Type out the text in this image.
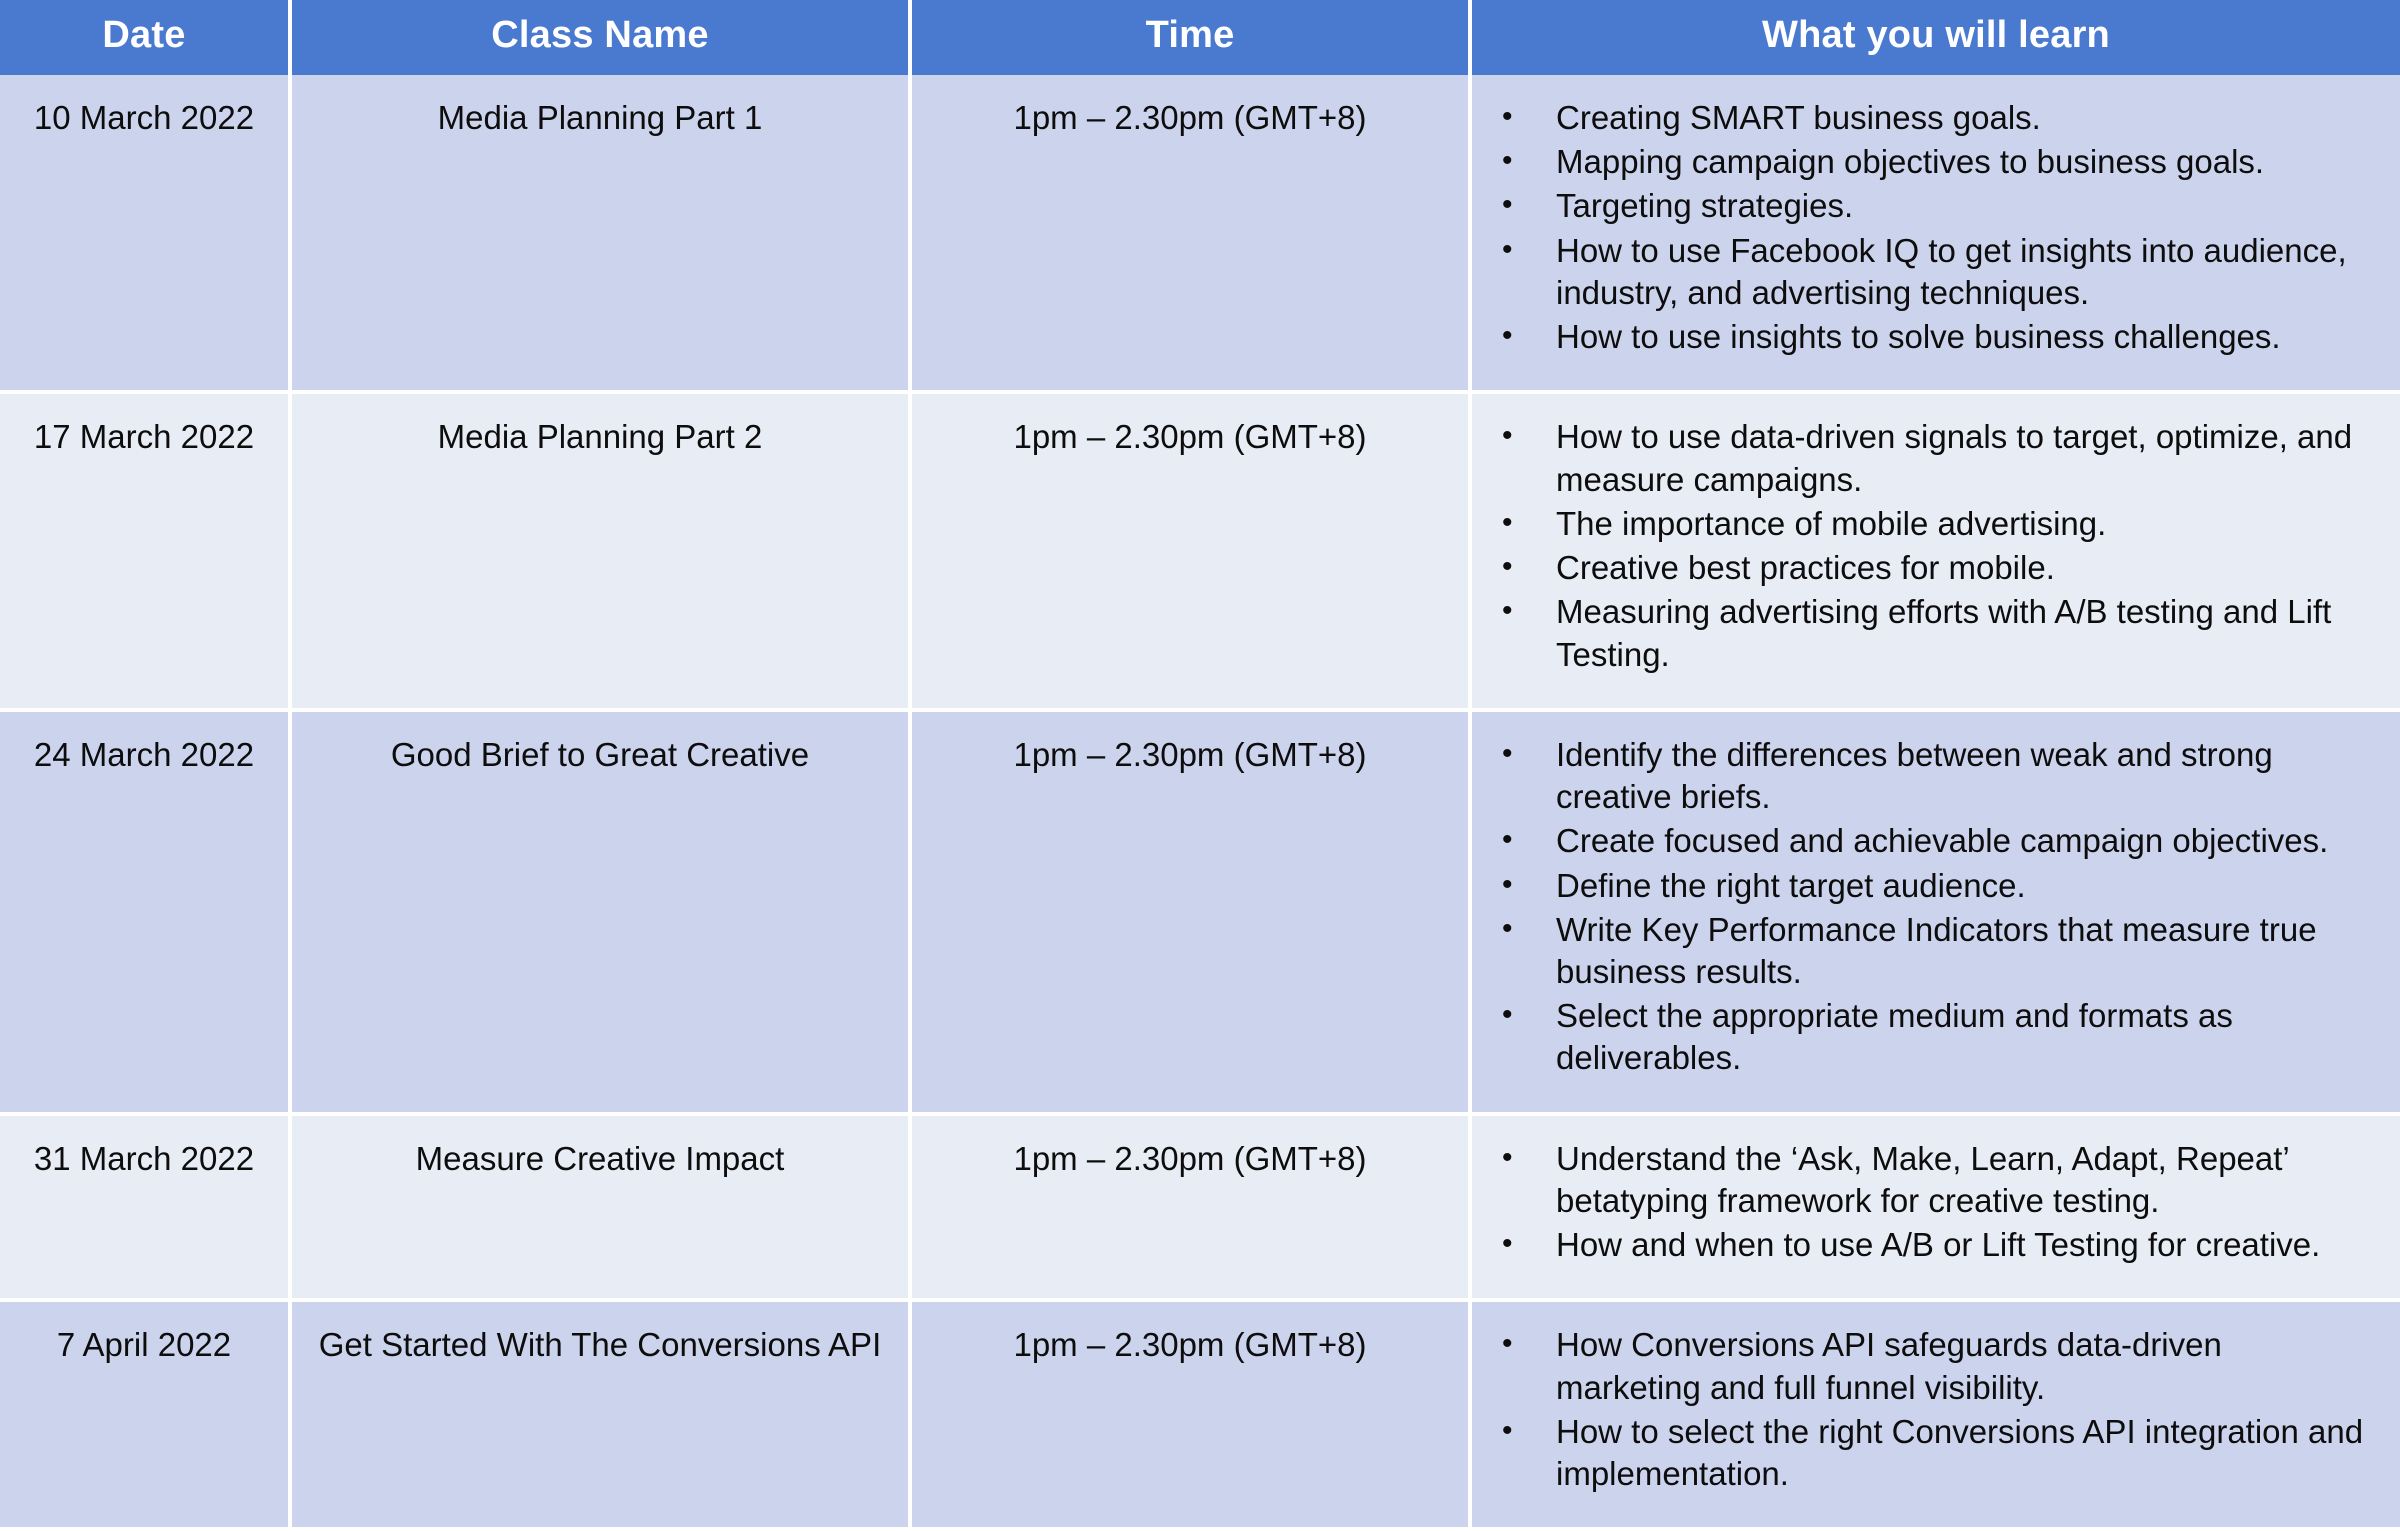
Date	Class Name	Time	What you will learn
10 March 2022	Media Planning Part 1	1pm – 2.30pm (GMT+8)	• Creating SMART business goals.
• Mapping campaign objectives to business goals.
• Targeting strategies.
• How to use Facebook IQ to get insights into audience, industry, and advertising techniques.
• How to use insights to solve business challenges.

17 March 2022	Media Planning Part 2	1pm – 2.30pm (GMT+8)	• How to use data-driven signals to target, optimize, and measure campaigns.
• The importance of mobile advertising.
• Creative best practices for mobile.
• Measuring advertising efforts with A/B testing and Lift Testing.

24 March 2022	Good Brief to Great Creative	1pm – 2.30pm (GMT+8)	• Identify the differences between weak and strong creative briefs.
• Create focused and achievable campaign objectives.
• Define the right target audience.
• Write Key Performance Indicators that measure true business results.
• Select the appropriate medium and formats as deliverables.

31 March 2022	Measure Creative Impact	1pm – 2.30pm (GMT+8)	• Understand the ‘Ask, Make, Learn, Adapt, Repeat’ betatyping framework for creative testing.
• How and when to use A/B or Lift Testing for creative.

7 April 2022	Get Started With The Conversions API	1pm – 2.30pm (GMT+8)	• How Conversions API safeguards data-driven marketing and full funnel visibility.
• How to select the right Conversions API integration and implementation.
